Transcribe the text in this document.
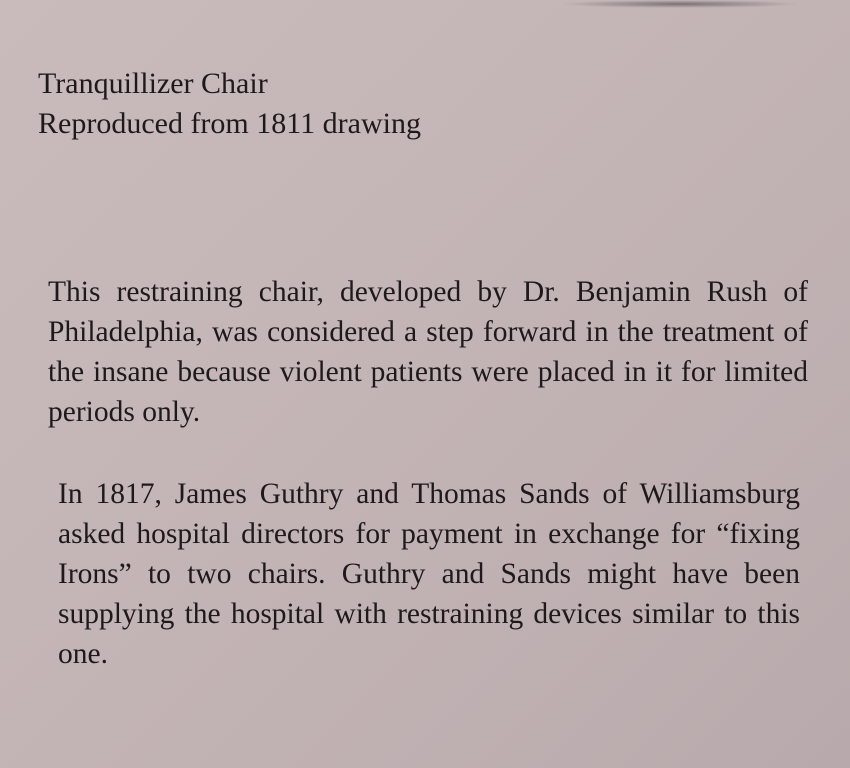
Tranquillizer Chair

Reproduced from 1811 drawing

This restraining chair, developed by Dr. Benjamin Rush of Philadelphia, was considered a step forward in the treatment of the insane because violent patients were placed in it for limited periods only.

In 1817, James Guthry and Thomas Sands of Williamsburg asked hospital directors for payment in exchange for “fixing Irons” to two chairs. Guthry and Sands might have been supplying the hospital with restraining devices similar to this one.
